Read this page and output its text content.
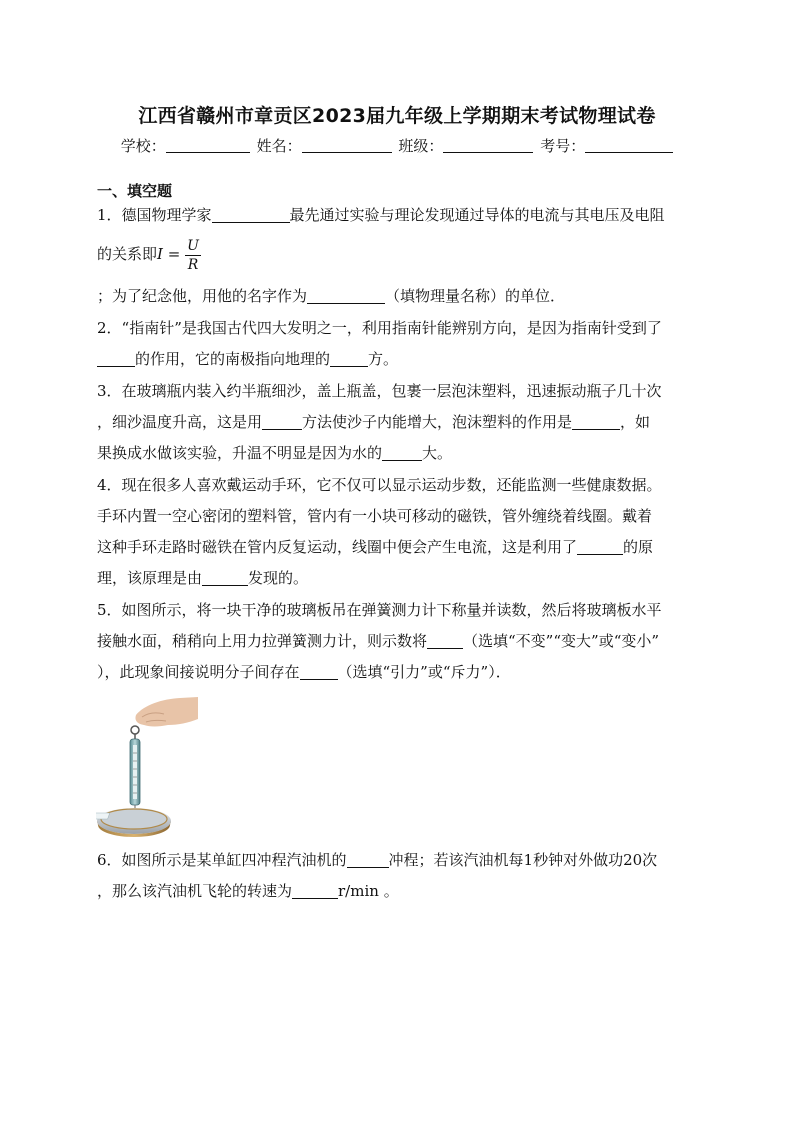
江西省赣州市章贡区2023届九年级上学期期末考试物理试卷
学校：	姓名：	班级：	考号：
一、填空题
1．德国物理学家	最先通过实验与理论发现通过导体的电流与其电压及电阻
的关系即$I = \frac{U}{R}$
；为了纪念他，用他的名字作为	（填物理量名称）的单位．
2．“指南针”是我国古代四大发明之一，利用指南针能辨别方向，是因为指南针受到了
的作用，它的南极指向地理的	方。
3．在玻璃瓶内装入约半瓶细沙，盖上瓶盖，包裹一层泡沫塑料，迅速振动瓶子几十次
，细沙温度升高，这是用	方法使沙子内能增大，泡沫塑料的作用是	，如
果换成水做该实验，升温不明显是因为水的	大。
4．现在很多人喜欢戴运动手环，它不仅可以显示运动步数，还能监测一些健康数据。
手环内置一空心密闭的塑料管，管内有一小块可移动的磁铁，管外缠绕着线圈。戴着
这种手环走路时磁铁在管内反复运动，线圈中便会产生电流，这是利用了	的原
理，该原理是由	发现的。
5．如图所示，将一块干净的玻璃板吊在弹簧测力计下称量并读数，然后将玻璃板水平
接触水面，稍稍向上用力拉弹簧测力计，则示数将 （选填“不变”“变大”或“变小”
），此现象间接说明分子间存在	（选填“引力”或“斥力”）．
6．如图所示是某单缸四冲程汽油机的	冲程；若该汽油机每1秒钟对外做功20次
，那么该汽油机飞轮的转速为	r/min 。
